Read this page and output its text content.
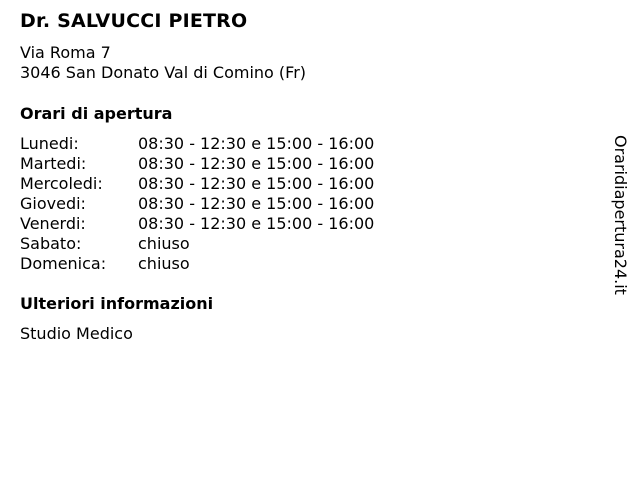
Dr. SALVUCCI PIETRO
Via Roma 7
3046 San Donato Val di Comino (Fr)
Orari di apertura
Lunedi:	08:30 - 12:30 e 15:00 - 16:00
Martedi:	08:30 - 12:30 e 15:00 - 16:00
Mercoledi: 08:30 - 12:30 e 15:00 - 16:00
Giovedi:	08:30 - 12:30 e 15:00 - 16:00
Venerdi:	08:30 - 12:30 e 15:00 - 16:00
Sabato:	chiuso
Domenica: chiuso
Ulteriori informazioni
Studio Medico
Oraridiapertura24.it
